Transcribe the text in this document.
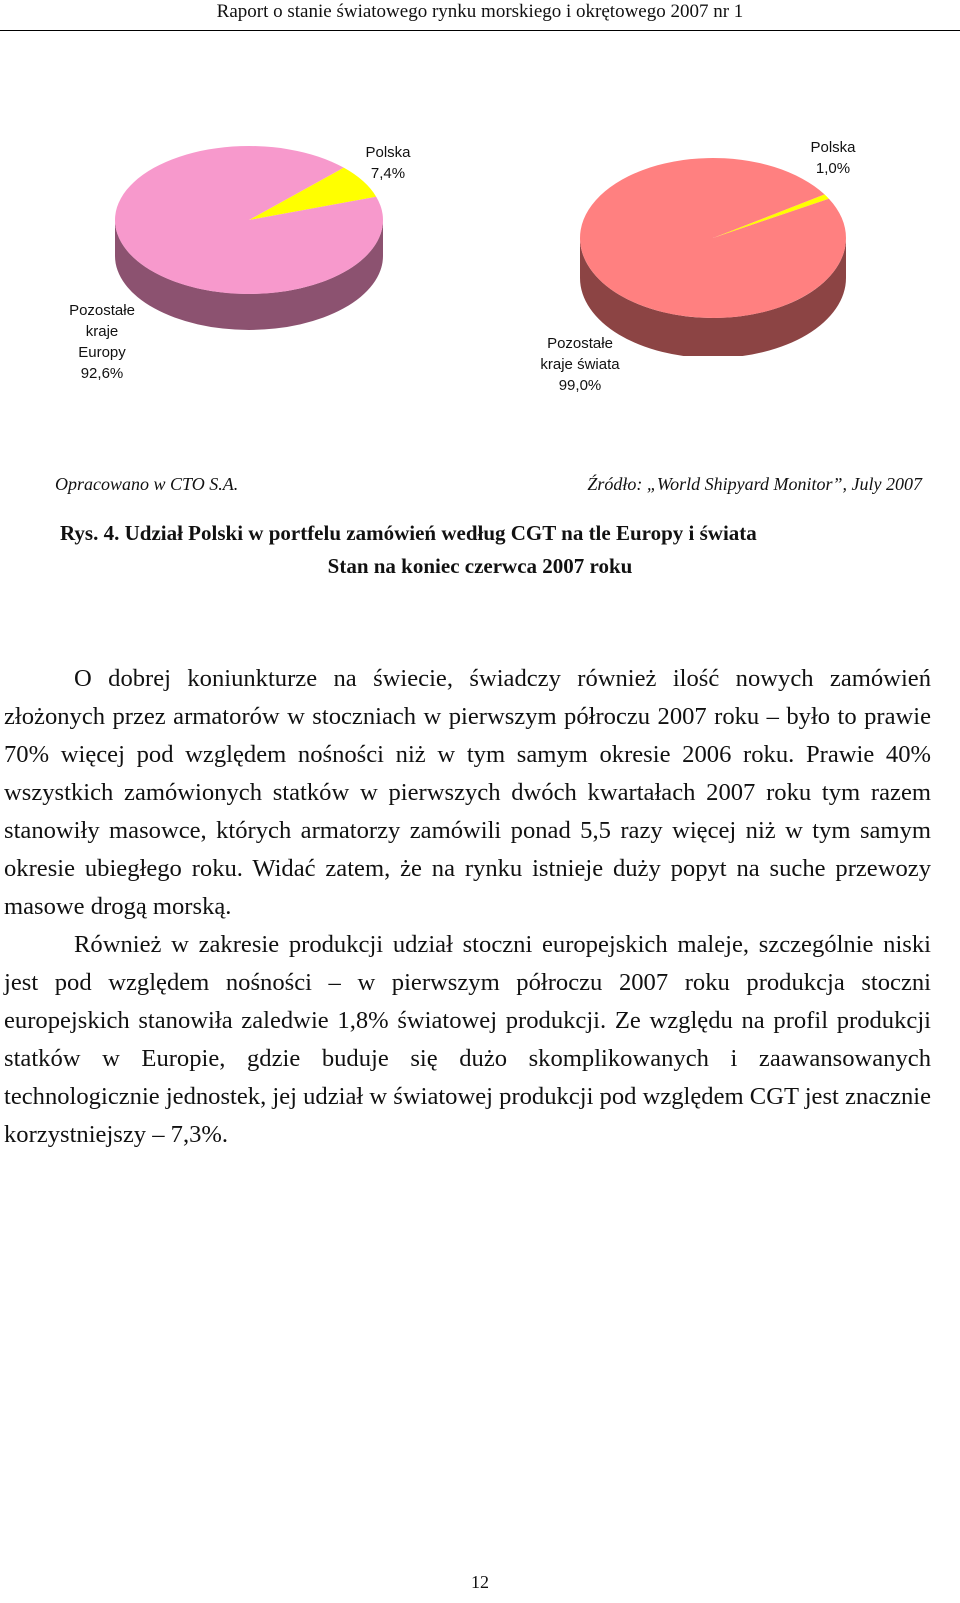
Raport o stanie światowego rynku morskiego i okrętowego 2007 nr 1
Polska
7,4%
Pozostałe
kraje
Europy
92,6%
Polska
1,0%
Pozostałe
kraje świata
99,0%
Opracowano w CTO S.A.	Źródło: „World Shipyard Monitor”, July 2007
Rys. 4. Udział Polski w portfelu zamówień według CGT na tle Europy i świata
Stan na koniec czerwca 2007 roku

O dobrej koniunkturze na świecie, świadczy również ilość nowych zamówień złożonych przez armatorów w stoczniach w pierwszym półroczu 2007 roku – było to prawie 70% więcej pod względem nośności niż w tym samym okresie 2006 roku. Prawie 40% wszystkich zamówionych statków w pierwszych dwóch kwartałach 2007 roku tym razem stanowiły masowce, których armatorzy zamówili ponad 5,5 razy więcej niż w tym samym okresie ubiegłego roku. Widać zatem, że na rynku istnieje duży popyt na suche przewozy masowe drogą morską.

Również w zakresie produkcji udział stoczni europejskich maleje, szczególnie niski jest pod względem nośności – w pierwszym półroczu 2007 roku produkcja stoczni europejskich stanowiła zaledwie 1,8% światowej produkcji. Ze względu na profil produkcji statków w Europie, gdzie buduje się dużo skomplikowanych i zaawansowanych technologicznie jednostek, jej udział w światowej produkcji pod względem CGT jest znacznie korzystniejszy – 7,3%.

12
